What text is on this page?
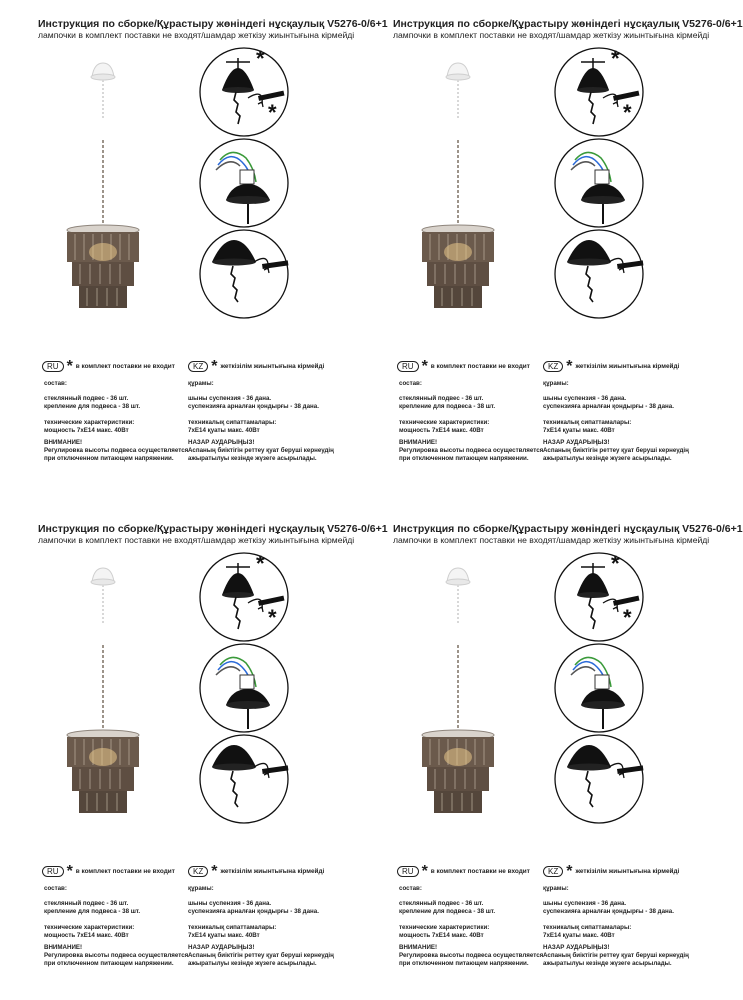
Инструкция по сборке/Құрастыру жөніндегі нұсқаулық V5276-0/6+1
лампочки в комплект поставки не входят/шамдар жеткізу жиынтығына кірмейді
*
*
RU * в комплект поставки не входит
состав:
стеклянный подвес - 36 шт.
крепление для подвеса - 38 шт.
технические характеристики:
мощность 7xE14 макс. 40Вт
ВНИМАНИЕ!
Регулировка высоты подвеса осуществляется
при отключенном питающем напряжении.
KZ * жеткізілім жиынтығына кірмейді
құрамы:
шыны суспензия - 36 дана.
суспензияға арналған қондырғы - 38 дана.
техникалық сипаттамалары:
7xE14 қуаты макс. 40Вт
НАЗАР АУДАРЫҢЫЗ!
Аспаның биіктігін реттеу қуат беруші кернеудің
ажыратылуы кезінде жүзеге асырылады.
Инструкция по сборке/Құрастыру жөніндегі нұсқаулық V5276-0/6+1
лампочки в комплект поставки не входят/шамдар жеткізу жиынтығына кірмейді
*
*
RU * в комплект поставки не входит
состав:
стеклянный подвес - 36 шт.
крепление для подвеса - 38 шт.
технические характеристики:
мощность 7xE14 макс. 40Вт
ВНИМАНИЕ!
Регулировка высоты подвеса осуществляется
при отключенном питающем напряжении.
KZ * жеткізілім жиынтығына кірмейді
құрамы:
шыны суспензия - 36 дана.
суспензияға арналған қондырғы - 38 дана.
техникалық сипаттамалары:
7xE14 қуаты макс. 40Вт
НАЗАР АУДАРЫҢЫЗ!
Аспаның биіктігін реттеу қуат беруші кернеудің
ажыратылуы кезінде жүзеге асырылады.
Инструкция по сборке/Құрастыру жөніндегі нұсқаулық V5276-0/6+1
лампочки в комплект поставки не входят/шамдар жеткізу жиынтығына кірмейді
*
*
RU * в комплект поставки не входит
состав:
стеклянный подвес - 36 шт.
крепление для подвеса - 38 шт.
технические характеристики:
мощность 7xE14 макс. 40Вт
ВНИМАНИЕ!
Регулировка высоты подвеса осуществляется
при отключенном питающем напряжении.
KZ * жеткізілім жиынтығына кірмейді
құрамы:
шыны суспензия - 36 дана.
суспензияға арналған қондырғы - 38 дана.
техникалық сипаттамалары:
7xE14 қуаты макс. 40Вт
НАЗАР АУДАРЫҢЫЗ!
Аспаның биіктігін реттеу қуат беруші кернеудің
ажыратылуы кезінде жүзеге асырылады.
Инструкция по сборке/Құрастыру жөніндегі нұсқаулық V5276-0/6+1
лампочки в комплект поставки не входят/шамдар жеткізу жиынтығына кірмейді
*
*
RU * в комплект поставки не входит
состав:
стеклянный подвес - 36 шт.
крепление для подвеса - 38 шт.
технические характеристики:
мощность 7xE14 макс. 40Вт
ВНИМАНИЕ!
Регулировка высоты подвеса осуществляется
при отключенном питающем напряжении.
KZ * жеткізілім жиынтығына кірмейді
құрамы:
шыны суспензия - 36 дана.
суспензияға арналған қондырғы - 38 дана.
техникалық сипаттамалары:
7xE14 қуаты макс. 40Вт
НАЗАР АУДАРЫҢЫЗ!
Аспаның биіктігін реттеу қуат беруші кернеудің
ажыратылуы кезінде жүзеге асырылады.
